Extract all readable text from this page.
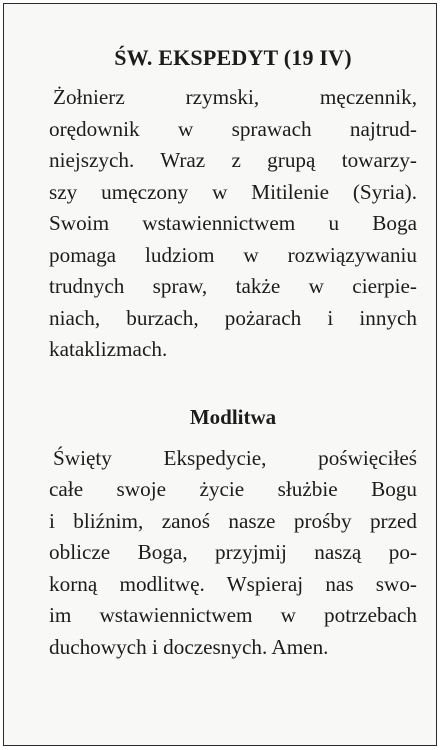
ŚW. EKSPEDYT (19 IV)

Żołnierz rzymski, męczennik,
orędownik w sprawach najtrud-
niejszych. Wraz z grupą towarzy-
szy umęczony w Mitilenie (Syria).
Swoim wstawiennictwem u Boga
pomaga ludziom w rozwiązywaniu
trudnych spraw, także w cierpie-
niach, burzach, pożarach i innych
kataklizmach.

Modlitwa

Święty Ekspedycie, poświęciłeś
całe swoje życie służbie Bogu
i bliźnim, zanoś nasze prośby przed
oblicze Boga, przyjmij naszą po-
korną modlitwę. Wspieraj nas swo-
im wstawiennictwem w potrzebach
duchowych i doczesnych. Amen.
